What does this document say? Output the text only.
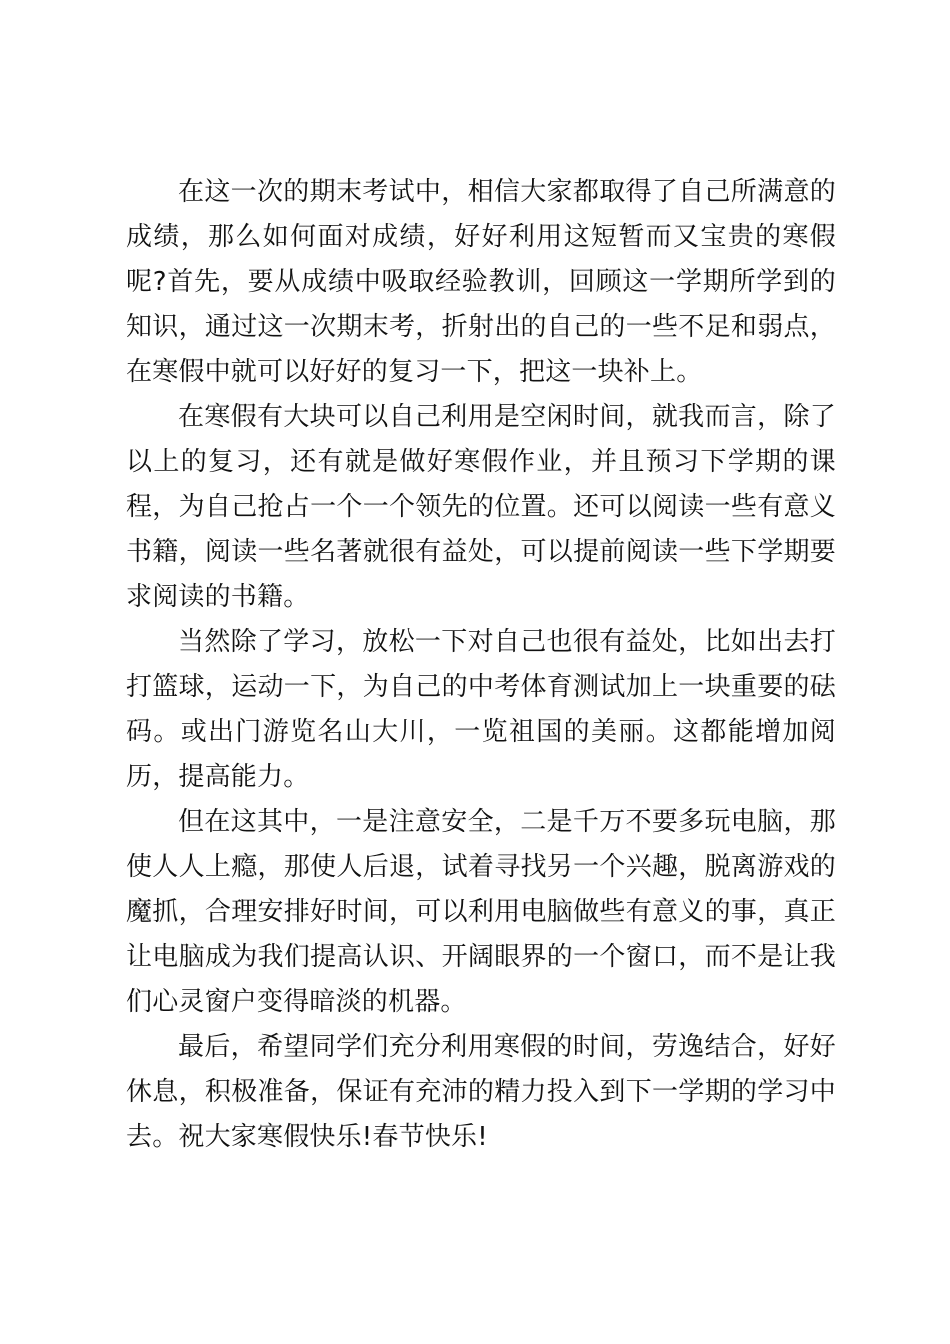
在这一次的期末考试中，相信大家都取得了自己所满意的成绩，那么如何面对成绩，好好利用这短暂而又宝贵的寒假呢?首先，要从成绩中吸取经验教训，回顾这一学期所学到的知识，通过这一次期末考，折射出的自己的一些不足和弱点，在寒假中就可以好好的复习一下，把这一块补上。

在寒假有大块可以自己利用是空闲时间，就我而言，除了以上的复习，还有就是做好寒假作业，并且预习下学期的课程，为自己抢占一个一个领先的位置。还可以阅读一些有意义书籍，阅读一些名著就很有益处，可以提前阅读一些下学期要求阅读的书籍。

当然除了学习，放松一下对自己也很有益处，比如出去打打篮球，运动一下，为自己的中考体育测试加上一块重要的砝码。或出门游览名山大川，一览祖国的美丽。这都能增加阅历，提高能力。

但在这其中，一是注意安全，二是千万不要多玩电脑，那使人人上瘾，那使人后退，试着寻找另一个兴趣，脱离游戏的魔抓，合理安排好时间，可以利用电脑做些有意义的事，真正让电脑成为我们提高认识、开阔眼界的一个窗口，而不是让我们心灵窗户变得暗淡的机器。

最后，希望同学们充分利用寒假的时间，劳逸结合，好好休息，积极准备，保证有充沛的精力投入到下一学期的学习中去。祝大家寒假快乐!春节快乐!
